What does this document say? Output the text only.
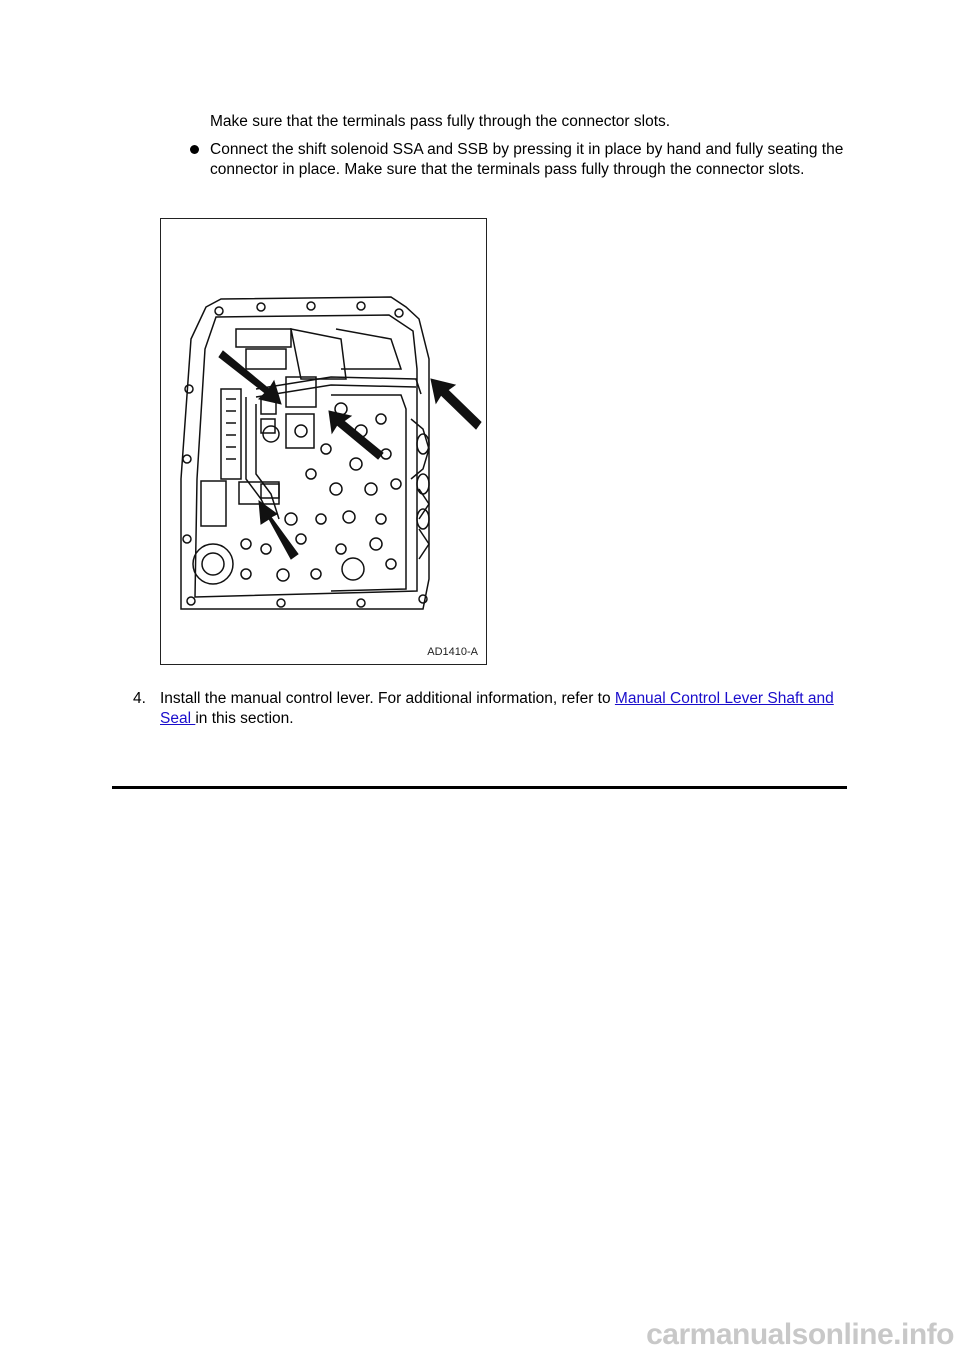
Make sure that the terminals pass fully through the connector slots.
Connect the shift solenoid SSA and SSB by pressing it in place by hand and fully seating the connector in place. Make sure that the terminals pass fully through the connector slots.
AD1410-A
4. Install the manual control lever. For additional information, refer to Manual Control Lever Shaft and Seal in this section.
carmanualsonline.info
